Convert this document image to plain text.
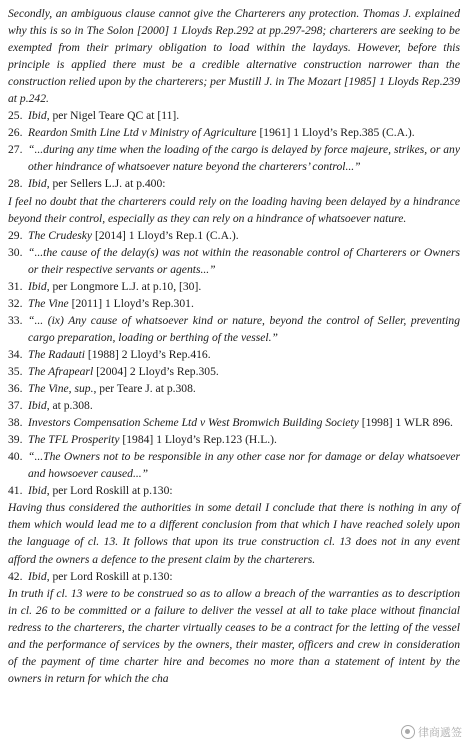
Secondly, an ambiguous clause cannot give the Charterers any protection. Thomas J. explained why this is so in The Solon [2000] 1 Lloyds Rep.292 at pp.297-298; charterers are seeking to be exempted from their primary obligation to load within the laydays. However, before this principle is applied there must be a credible alternative construction narrower than the construction relied upon by the charterers; per Mustill J. in The Mozart [1985] 1 Lloyds Rep.239 at p.242.

25. Ibid, per Nigel Teare QC at [11].
26. Reardon Smith Line Ltd v Ministry of Agriculture [1961] 1 Lloyd’s Rep.385 (C.A.).
27. “...during any time when the loading of the cargo is delayed by force majeure, strikes, or any other hindrance of whatsoever nature beyond the charterers’ control...”
28. Ibid, per Sellers L.J. at p.400:

I feel no doubt that the charterers could rely on the loading having been delayed by a hindrance beyond their control, especially as they can rely on a hindrance of whatsoever nature.

29. The Crudesky [2014] 1 Lloyd’s Rep.1 (C.A.).
30. “...the cause of the delay(s) was not within the reasonable control of Charterers or Owners or their respective servants or agents...”
31. Ibid, per Longmore L.J. at p.10, [30].
32. The Vine [2011] 1 Lloyd’s Rep.301.
33. “... (ix) Any cause of whatsoever kind or nature, beyond the control of Seller, preventing cargo preparation, loading or berthing of the vessel.”
34. The Radauti [1988] 2 Lloyd’s Rep.416.
35. The Afrapearl [2004] 2 Lloyd’s Rep.305.
36. The Vine, sup., per Teare J. at p.308.
37. Ibid, at p.308.
38. Investors Compensation Scheme Ltd v West Bromwich Building Society [1998] 1 WLR 896.
39. The TFL Prosperity [1984] 1 Lloyd’s Rep.123 (H.L.).
40. “...The Owners not to be responsible in any other case nor for damage or delay whatsoever and howsoever caused...”
41. Ibid, per Lord Roskill at p.130:

Having thus considered the authorities in some detail I conclude that there is nothing in any of them which would lead me to a different conclusion from that which I have reached solely upon the language of cl. 13. It follows that upon its true construction cl. 13 does not in any event afford the owners a defence to the present claim by the charterers.

42. Ibid, per Lord Roskill at p.130:

In truth if cl. 13 were to be construed so as to allow a breach of the warranties as to description in cl. 26 to be committed or a failure to deliver the vessel at all to take place without financial redress to the charterers, the charter virtually ceases to be a contract for the letting of the vessel and the performance of services by the owners, their master, officers and crew in consideration of the payment of time charter hire and becomes no more than a statement of intent by the owners in return for which the cha

律商遞签
